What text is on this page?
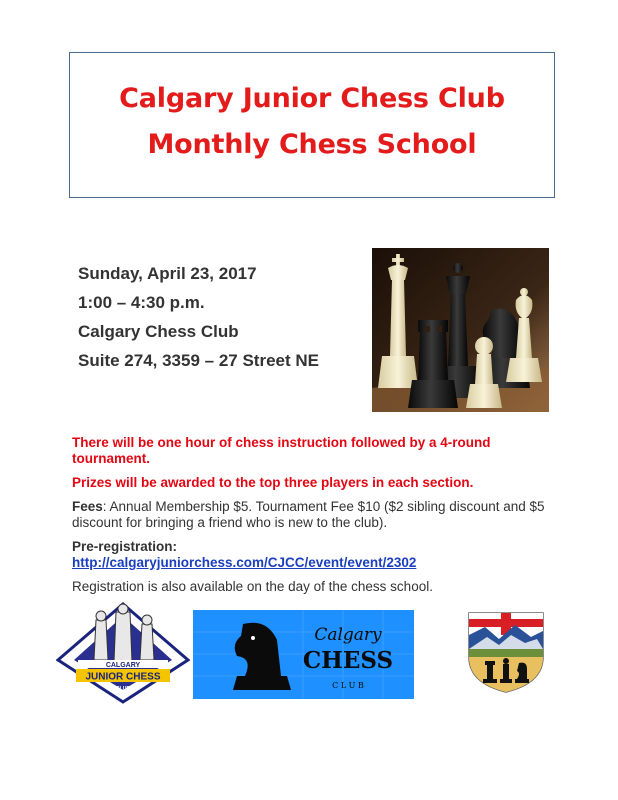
Calgary Junior Chess Club
Monthly Chess School
Sunday, April 23, 2017
1:00 – 4:30 p.m.
Calgary Chess Club
Suite 274, 3359 – 27 Street NE

There will be one hour of chess instruction followed by a 4-round tournament.

Prizes will be awarded to the top three players in each section.

Fees: Annual Membership $5. Tournament Fee $10 ($2 sibling discount and $5 discount for bringing a friend who is new to the club).

Pre-registration:
http://calgaryjuniorchess.com/CJCC/event/event/2302

Registration is also available on the day of the chess school.

CALGARY
JUNIOR CHESS
CLUB
Calgary
CHESS
C L U B
